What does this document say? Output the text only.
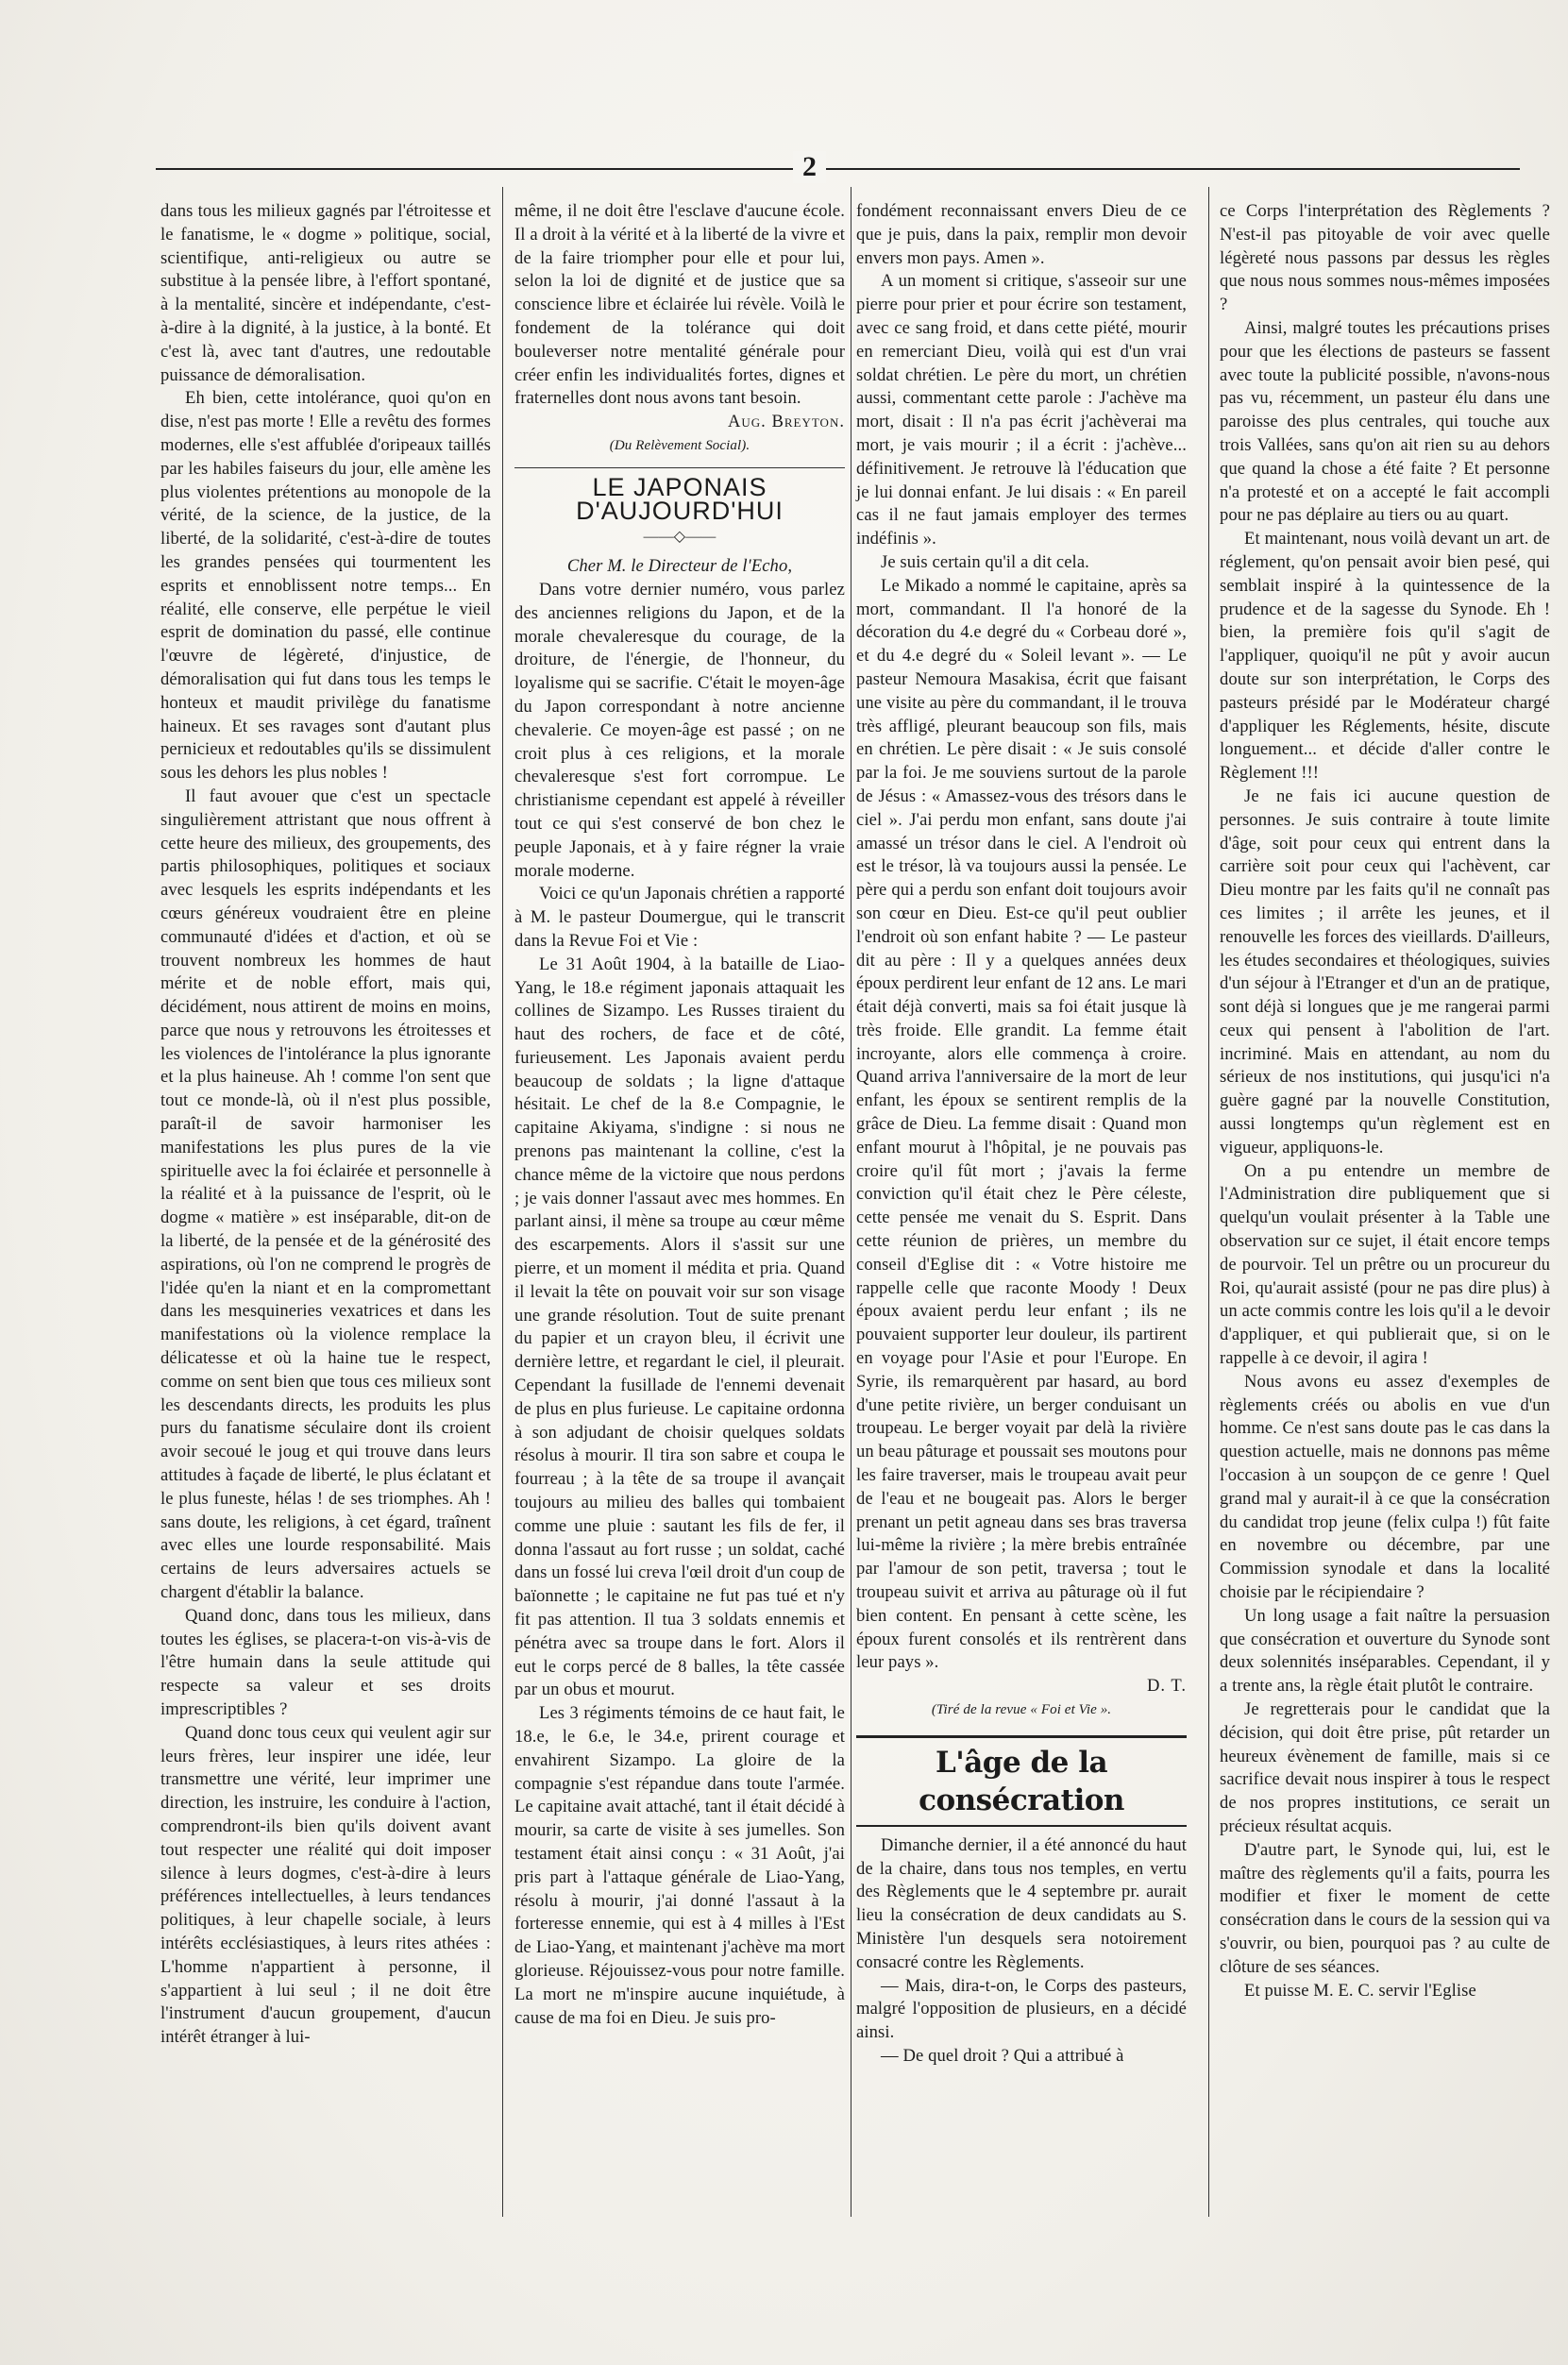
2

dans tous les milieux gagnés par l'étroitesse et le fanatisme, le « dogme » politique, social, scientifique, anti-religieux ou autre se substitue à la pensée libre, à l'effort spontané, à la mentalité, sincère et indépendante, c'est-à-dire à la dignité, à la justice, à la bonté. Et c'est là, avec tant d'autres, une redoutable puissance de démoralisation.

Eh bien, cette intolérance, quoi qu'on en dise, n'est pas morte ! Elle a revêtu des formes modernes, elle s'est affublée d'oripeaux taillés par les habiles faiseurs du jour, elle amène les plus violentes prétentions au monopole de la vérité, de la science, de la justice, de la liberté, de la solidarité, c'est-à-dire de toutes les grandes pensées qui tourmentent les esprits et ennoblissent notre temps... En réalité, elle conserve, elle perpétue le vieil esprit de domination du passé, elle continue l'œuvre de légèreté, d'injustice, de démoralisation qui fut dans tous les temps le honteux et maudit privilège du fanatisme haineux. Et ses ravages sont d'autant plus pernicieux et redoutables qu'ils se dissimulent sous les dehors les plus nobles !

Il faut avouer que c'est un spectacle singulièrement attristant que nous offrent à cette heure des milieux, des groupements, des partis philosophiques, politiques et sociaux avec lesquels les esprits indépendants et les cœurs généreux voudraient être en pleine communauté d'idées et d'action, et où se trouvent nombreux les hommes de haut mérite et de noble effort, mais qui, décidément, nous attirent de moins en moins, parce que nous y retrouvons les étroitesses et les violences de l'intolérance la plus ignorante et la plus haineuse. Ah ! comme l'on sent que tout ce monde-là, où il n'est plus possible, paraît-il de savoir harmoniser les manifestations les plus pures de la vie spirituelle avec la foi éclairée et personnelle à la réalité et à la puissance de l'esprit, où le dogme « matière » est inséparable, dit-on de la liberté, de la pensée et de la générosité des aspirations, où l'on ne comprend le progrès de l'idée qu'en la niant et en la compromettant dans les mesquineries vexatrices et dans les manifestations où la violence remplace la délicatesse et où la haine tue le respect, comme on sent bien que tous ces milieux sont les descendants directs, les produits les plus purs du fanatisme séculaire dont ils croient avoir secoué le joug et qui trouve dans leurs attitudes à façade de liberté, le plus éclatant et le plus funeste, hélas ! de ses triomphes. Ah ! sans doute, les religions, à cet égard, traînent avec elles une lourde responsabilité. Mais certains de leurs adversaires actuels se chargent d'établir la balance.

Quand donc, dans tous les milieux, dans toutes les églises, se placera-t-on vis-à-vis de l'être humain dans la seule attitude qui respecte sa valeur et ses droits imprescriptibles ?

Quand donc tous ceux qui veulent agir sur leurs frères, leur inspirer une idée, leur transmettre une vérité, leur imprimer une direction, les instruire, les conduire à l'action, comprendront-ils bien qu'ils doivent avant tout respecter une réalité qui doit imposer silence à leurs dogmes, c'est-à-dire à leurs préférences intellectuelles, à leurs tendances politiques, à leur chapelle sociale, à leurs intérêts ecclésiastiques, à leurs rites athées : L'homme n'appartient à personne, il s'appartient à lui seul ; il ne doit être l'instrument d'aucun groupement, d'aucun intérêt étranger à lui-

même, il ne doit être l'esclave d'aucune école. Il a droit à la vérité et à la liberté de la vivre et de la faire triompher pour elle et pour lui, selon la loi de dignité et de justice que sa conscience libre et éclairée lui révèle. Voilà le fondement de la tolérance qui doit bouleverser notre mentalité générale pour créer enfin les individualités fortes, dignes et fraternelles dont nous avons tant besoin.

Aug. Breyton.

(Du Relèvement Social).

LE JAPONAIS D'AUJOURD'HUI
——◇——

Cher M. le Directeur de l'Echo,

Dans votre dernier numéro, vous parlez des anciennes religions du Japon, et de la morale chevaleresque du courage, de la droiture, de l'énergie, de l'honneur, du loyalisme qui se sacrifie. C'était le moyen-âge du Japon correspondant à notre ancienne chevalerie. Ce moyen-âge est passé ; on ne croit plus à ces religions, et la morale chevaleresque s'est fort corrompue. Le christianisme cependant est appelé à réveiller tout ce qui s'est conservé de bon chez le peuple Japonais, et à y faire régner la vraie morale moderne.

Voici ce qu'un Japonais chrétien a rapporté à M. le pasteur Doumergue, qui le transcrit dans la Revue Foi et Vie :

Le 31 Août 1904, à la bataille de Liao-Yang, le 18.e régiment japonais attaquait les collines de Sizampo. Les Russes tiraient du haut des rochers, de face et de côté, furieusement. Les Japonais avaient perdu beaucoup de soldats ; la ligne d'attaque hésitait. Le chef de la 8.e Compagnie, le capitaine Akiyama, s'indigne : si nous ne prenons pas maintenant la colline, c'est la chance même de la victoire que nous perdons ; je vais donner l'assaut avec mes hommes. En parlant ainsi, il mène sa troupe au cœur même des escarpements. Alors il s'assit sur une pierre, et un moment il médita et pria. Quand il levait la tête on pouvait voir sur son visage une grande résolution. Tout de suite prenant du papier et un crayon bleu, il écrivit une dernière lettre, et regardant le ciel, il pleurait. Cependant la fusillade de l'ennemi devenait de plus en plus furieuse. Le capitaine ordonna à son adjudant de choisir quelques soldats résolus à mourir. Il tira son sabre et coupa le fourreau ; à la tête de sa troupe il avançait toujours au milieu des balles qui tombaient comme une pluie : sautant les fils de fer, il donna l'assaut au fort russe ; un soldat, caché dans un fossé lui creva l'œil droit d'un coup de baïonnette ; le capitaine ne fut pas tué et n'y fit pas attention. Il tua 3 soldats ennemis et pénétra avec sa troupe dans le fort. Alors il eut le corps percé de 8 balles, la tête cassée par un obus et mourut.

Les 3 régiments témoins de ce haut fait, le 18.e, le 6.e, le 34.e, prirent courage et envahirent Sizampo. La gloire de la compagnie s'est répandue dans toute l'armée. Le capitaine avait attaché, tant il était décidé à mourir, sa carte de visite à ses jumelles. Son testament était ainsi conçu : « 31 Août, j'ai pris part à l'attaque générale de Liao-Yang, résolu à mourir, j'ai donné l'assaut à la forteresse ennemie, qui est à 4 milles à l'Est de Liao-Yang, et maintenant j'achève ma mort glorieuse. Réjouissez-vous pour notre famille. La mort ne m'inspire aucune inquiétude, à cause de ma foi en Dieu. Je suis pro-

fondément reconnaissant envers Dieu de ce que je puis, dans la paix, remplir mon devoir envers mon pays. Amen ».

A un moment si critique, s'asseoir sur une pierre pour prier et pour écrire son testament, avec ce sang froid, et dans cette piété, mourir en remerciant Dieu, voilà qui est d'un vrai soldat chrétien. Le père du mort, un chrétien aussi, commentant cette parole : J'achève ma mort, disait : Il n'a pas écrit j'achèverai ma mort, je vais mourir ; il a écrit : j'achève... définitivement. Je retrouve là l'éducation que je lui donnai enfant. Je lui disais : « En pareil cas il ne faut jamais employer des termes indéfinis ».

Je suis certain qu'il a dit cela.

Le Mikado a nommé le capitaine, après sa mort, commandant. Il l'a honoré de la décoration du 4.e degré du « Corbeau doré », et du 4.e degré du « Soleil levant ». — Le pasteur Nemoura Masakisa, écrit que faisant une visite au père du commandant, il le trouva très affligé, pleurant beaucoup son fils, mais en chrétien. Le père disait : « Je suis consolé par la foi. Je me souviens surtout de la parole de Jésus : « Amassez-vous des trésors dans le ciel ». J'ai perdu mon enfant, sans doute j'ai amassé un trésor dans le ciel. A l'endroit où est le trésor, là va toujours aussi la pensée. Le père qui a perdu son enfant doit toujours avoir son cœur en Dieu. Est-ce qu'il peut oublier l'endroit où son enfant habite ? — Le pasteur dit au père : Il y a quelques années deux époux perdirent leur enfant de 12 ans. Le mari était déjà converti, mais sa foi était jusque là très froide. Elle grandit. La femme était incroyante, alors elle commença à croire. Quand arriva l'anniversaire de la mort de leur enfant, les époux se sentirent remplis de la grâce de Dieu. La femme disait : Quand mon enfant mourut à l'hôpital, je ne pouvais pas croire qu'il fût mort ; j'avais la ferme conviction qu'il était chez le Père céleste, cette pensée me venait du S. Esprit. Dans cette réunion de prières, un membre du conseil d'Eglise dit : « Votre histoire me rappelle celle que raconte Moody ! Deux époux avaient perdu leur enfant ; ils ne pouvaient supporter leur douleur, ils partirent en voyage pour l'Asie et pour l'Europe. En Syrie, ils remarquèrent par hasard, au bord d'une petite rivière, un berger conduisant un troupeau. Le berger voyait par delà la rivière un beau pâturage et poussait ses moutons pour les faire traverser, mais le troupeau avait peur de l'eau et ne bougeait pas. Alors le berger prenant un petit agneau dans ses bras traversa lui-même la rivière ; la mère brebis entraînée par l'amour de son petit, traversa ; tout le troupeau suivit et arriva au pâturage où il fut bien content. En pensant à cette scène, les époux furent consolés et ils rentrèrent dans leur pays ».

D. T.

(Tiré de la revue « Foi et Vie ».

L'âge de la consécration

Dimanche dernier, il a été annoncé du haut de la chaire, dans tous nos temples, en vertu des Règlements que le 4 septembre pr. aurait lieu la consécration de deux candidats au S. Ministère l'un desquels sera notoirement consacré contre les Règlements.

— Mais, dira-t-on, le Corps des pasteurs, malgré l'opposition de plusieurs, en a décidé ainsi.

— De quel droit ? Qui a attribué à

ce Corps l'interprétation des Règlements ? N'est-il pas pitoyable de voir avec quelle légèreté nous passons par dessus les règles que nous nous sommes nous-mêmes imposées ?

Ainsi, malgré toutes les précautions prises pour que les élections de pasteurs se fassent avec toute la publicité possible, n'avons-nous pas vu, récemment, un pasteur élu dans une paroisse des plus centrales, qui touche aux trois Vallées, sans qu'on ait rien su au dehors que quand la chose a été faite ? Et personne n'a protesté et on a accepté le fait accompli pour ne pas déplaire au tiers ou au quart.

Et maintenant, nous voilà devant un art. de réglement, qu'on pensait avoir bien pesé, qui semblait inspiré à la quintessence de la prudence et de la sagesse du Synode. Eh ! bien, la première fois qu'il s'agit de l'appliquer, quoiqu'il ne pût y avoir aucun doute sur son interprétation, le Corps des pasteurs présidé par le Modérateur chargé d'appliquer les Réglements, hésite, discute longuement... et décide d'aller contre le Règlement !!!

Je ne fais ici aucune question de personnes. Je suis contraire à toute limite d'âge, soit pour ceux qui entrent dans la carrière soit pour ceux qui l'achèvent, car Dieu montre par les faits qu'il ne connaît pas ces limites ; il arrête les jeunes, et il renouvelle les forces des vieillards. D'ailleurs, les études secondaires et théologiques, suivies d'un séjour à l'Etranger et d'un an de pratique, sont déjà si longues que je me rangerai parmi ceux qui pensent à l'abolition de l'art. incriminé. Mais en attendant, au nom du sérieux de nos institutions, qui jusqu'ici n'a guère gagné par la nouvelle Constitution, aussi longtemps qu'un règlement est en vigueur, appliquons-le.

On a pu entendre un membre de l'Administration dire publiquement que si quelqu'un voulait présenter à la Table une observation sur ce sujet, il était encore temps de pourvoir. Tel un prêtre ou un procureur du Roi, qu'aurait assisté (pour ne pas dire plus) à un acte commis contre les lois qu'il a le devoir d'appliquer, et qui publierait que, si on le rappelle à ce devoir, il agira !

Nous avons eu assez d'exemples de règlements créés ou abolis en vue d'un homme. Ce n'est sans doute pas le cas dans la question actuelle, mais ne donnons pas même l'occasion à un soupçon de ce genre ! Quel grand mal y aurait-il à ce que la consécration du candidat trop jeune (felix culpa !) fût faite en novembre ou décembre, par une Commission synodale et dans la localité choisie par le récipiendaire ?

Un long usage a fait naître la persuasion que consécration et ouverture du Synode sont deux solennités inséparables. Cependant, il y a trente ans, la règle était plutôt le contraire.

Je regretterais pour le candidat que la décision, qui doit être prise, pût retarder un heureux évènement de famille, mais si ce sacrifice devait nous inspirer à tous le respect de nos propres institutions, ce serait un précieux résultat acquis.

D'autre part, le Synode qui, lui, est le maître des règlements qu'il a faits, pourra les modifier et fixer le moment de cette consécration dans le cours de la session qui va s'ouvrir, ou bien, pourquoi pas ? au culte de clôture de ses séances.

Et puisse M. E. C. servir l'Eglise
